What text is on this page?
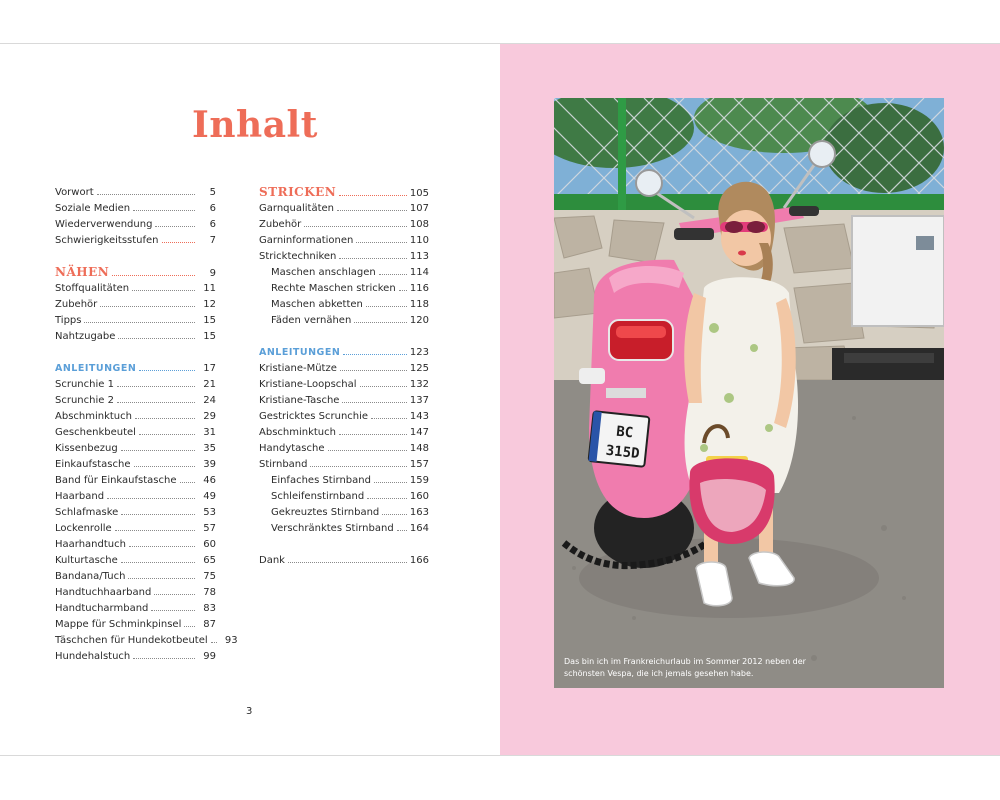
Inhalt
Vorwort	5
Soziale Medien	6
Wiederverwendung	6
Schwierigkeitsstufen	7
NÄHEN	9
Stoffqualitäten	11
Zubehör	12
Tipps	15
Nahtzugabe	15
ANLEITUNGEN	17
Scrunchie 1	21
Scrunchie 2	24
Abschminktuch	29
Geschenkbeutel	31
Kissenbezug	35
Einkaufstasche	39
Band für Einkaufstasche	46
Haarband	49
Schlafmaske	53
Lockenrolle	57
Haarhandtuch	60
Kulturtasche	65
Bandana/Tuch	75
Handtuchhaarband	78
Handtucharmband	83
Mappe für Schminkpinsel	87
Täschchen für Hundekotbeutel	93
Hundehalstuch	99
STRICKEN	105
Garnqualitäten	107
Zubehör	108
Garninformationen	110
Stricktechniken	113
Maschen anschlagen	114
Rechte Maschen stricken	116
Maschen abketten	118
Fäden vernähen	120
ANLEITUNGEN	123
Kristiane-Mütze	125
Kristiane-Loopschal	132
Kristiane-Tasche	137
Gestricktes Scrunchie	143
Abschminktuch	147
Handytasche	148
Stirnband	157
Einfaches Stirnband	159
Schleifenstirnband	160
Gekreuztes Stirnband	163
Verschränktes Stirnband	164
Dank	166
3
BC
315D
Das bin ich im Frankreichurlaub im Sommer 2012 neben der schönsten Vespa, die ich jemals gesehen habe.
